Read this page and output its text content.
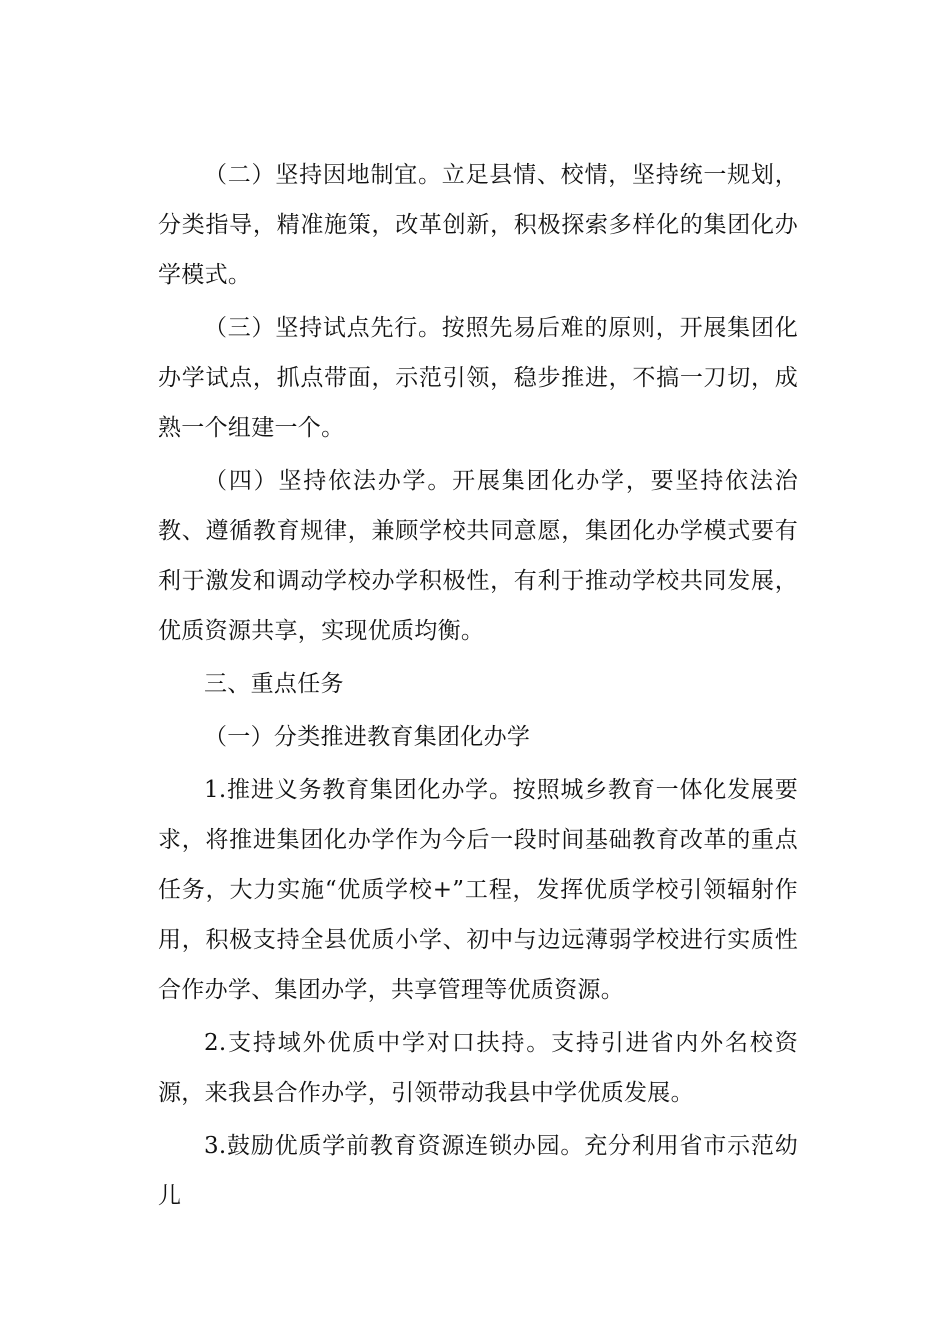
（二）坚持因地制宜。立足县情、校情，坚持统一规划，分类指导，精准施策，改革创新，积极探索多样化的集团化办学模式。

（三）坚持试点先行。按照先易后难的原则，开展集团化办学试点，抓点带面，示范引领，稳步推进，不搞一刀切，成熟一个组建一个。

（四）坚持依法办学。开展集团化办学，要坚持依法治教、遵循教育规律，兼顾学校共同意愿，集团化办学模式要有利于激发和调动学校办学积极性，有利于推动学校共同发展，优质资源共享，实现优质均衡。

三、重点任务

（一）分类推进教育集团化办学

1.推进义务教育集团化办学。按照城乡教育一体化发展要求，将推进集团化办学作为今后一段时间基础教育改革的重点任务，大力实施“优质学校+”工程，发挥优质学校引领辐射作用，积极支持全县优质小学、初中与边远薄弱学校进行实质性合作办学、集团办学，共享管理等优质资源。

2.支持域外优质中学对口扶持。支持引进省内外名校资源，来我县合作办学，引领带动我县中学优质发展。

3.鼓励优质学前教育资源连锁办园。充分利用省市示范幼儿
